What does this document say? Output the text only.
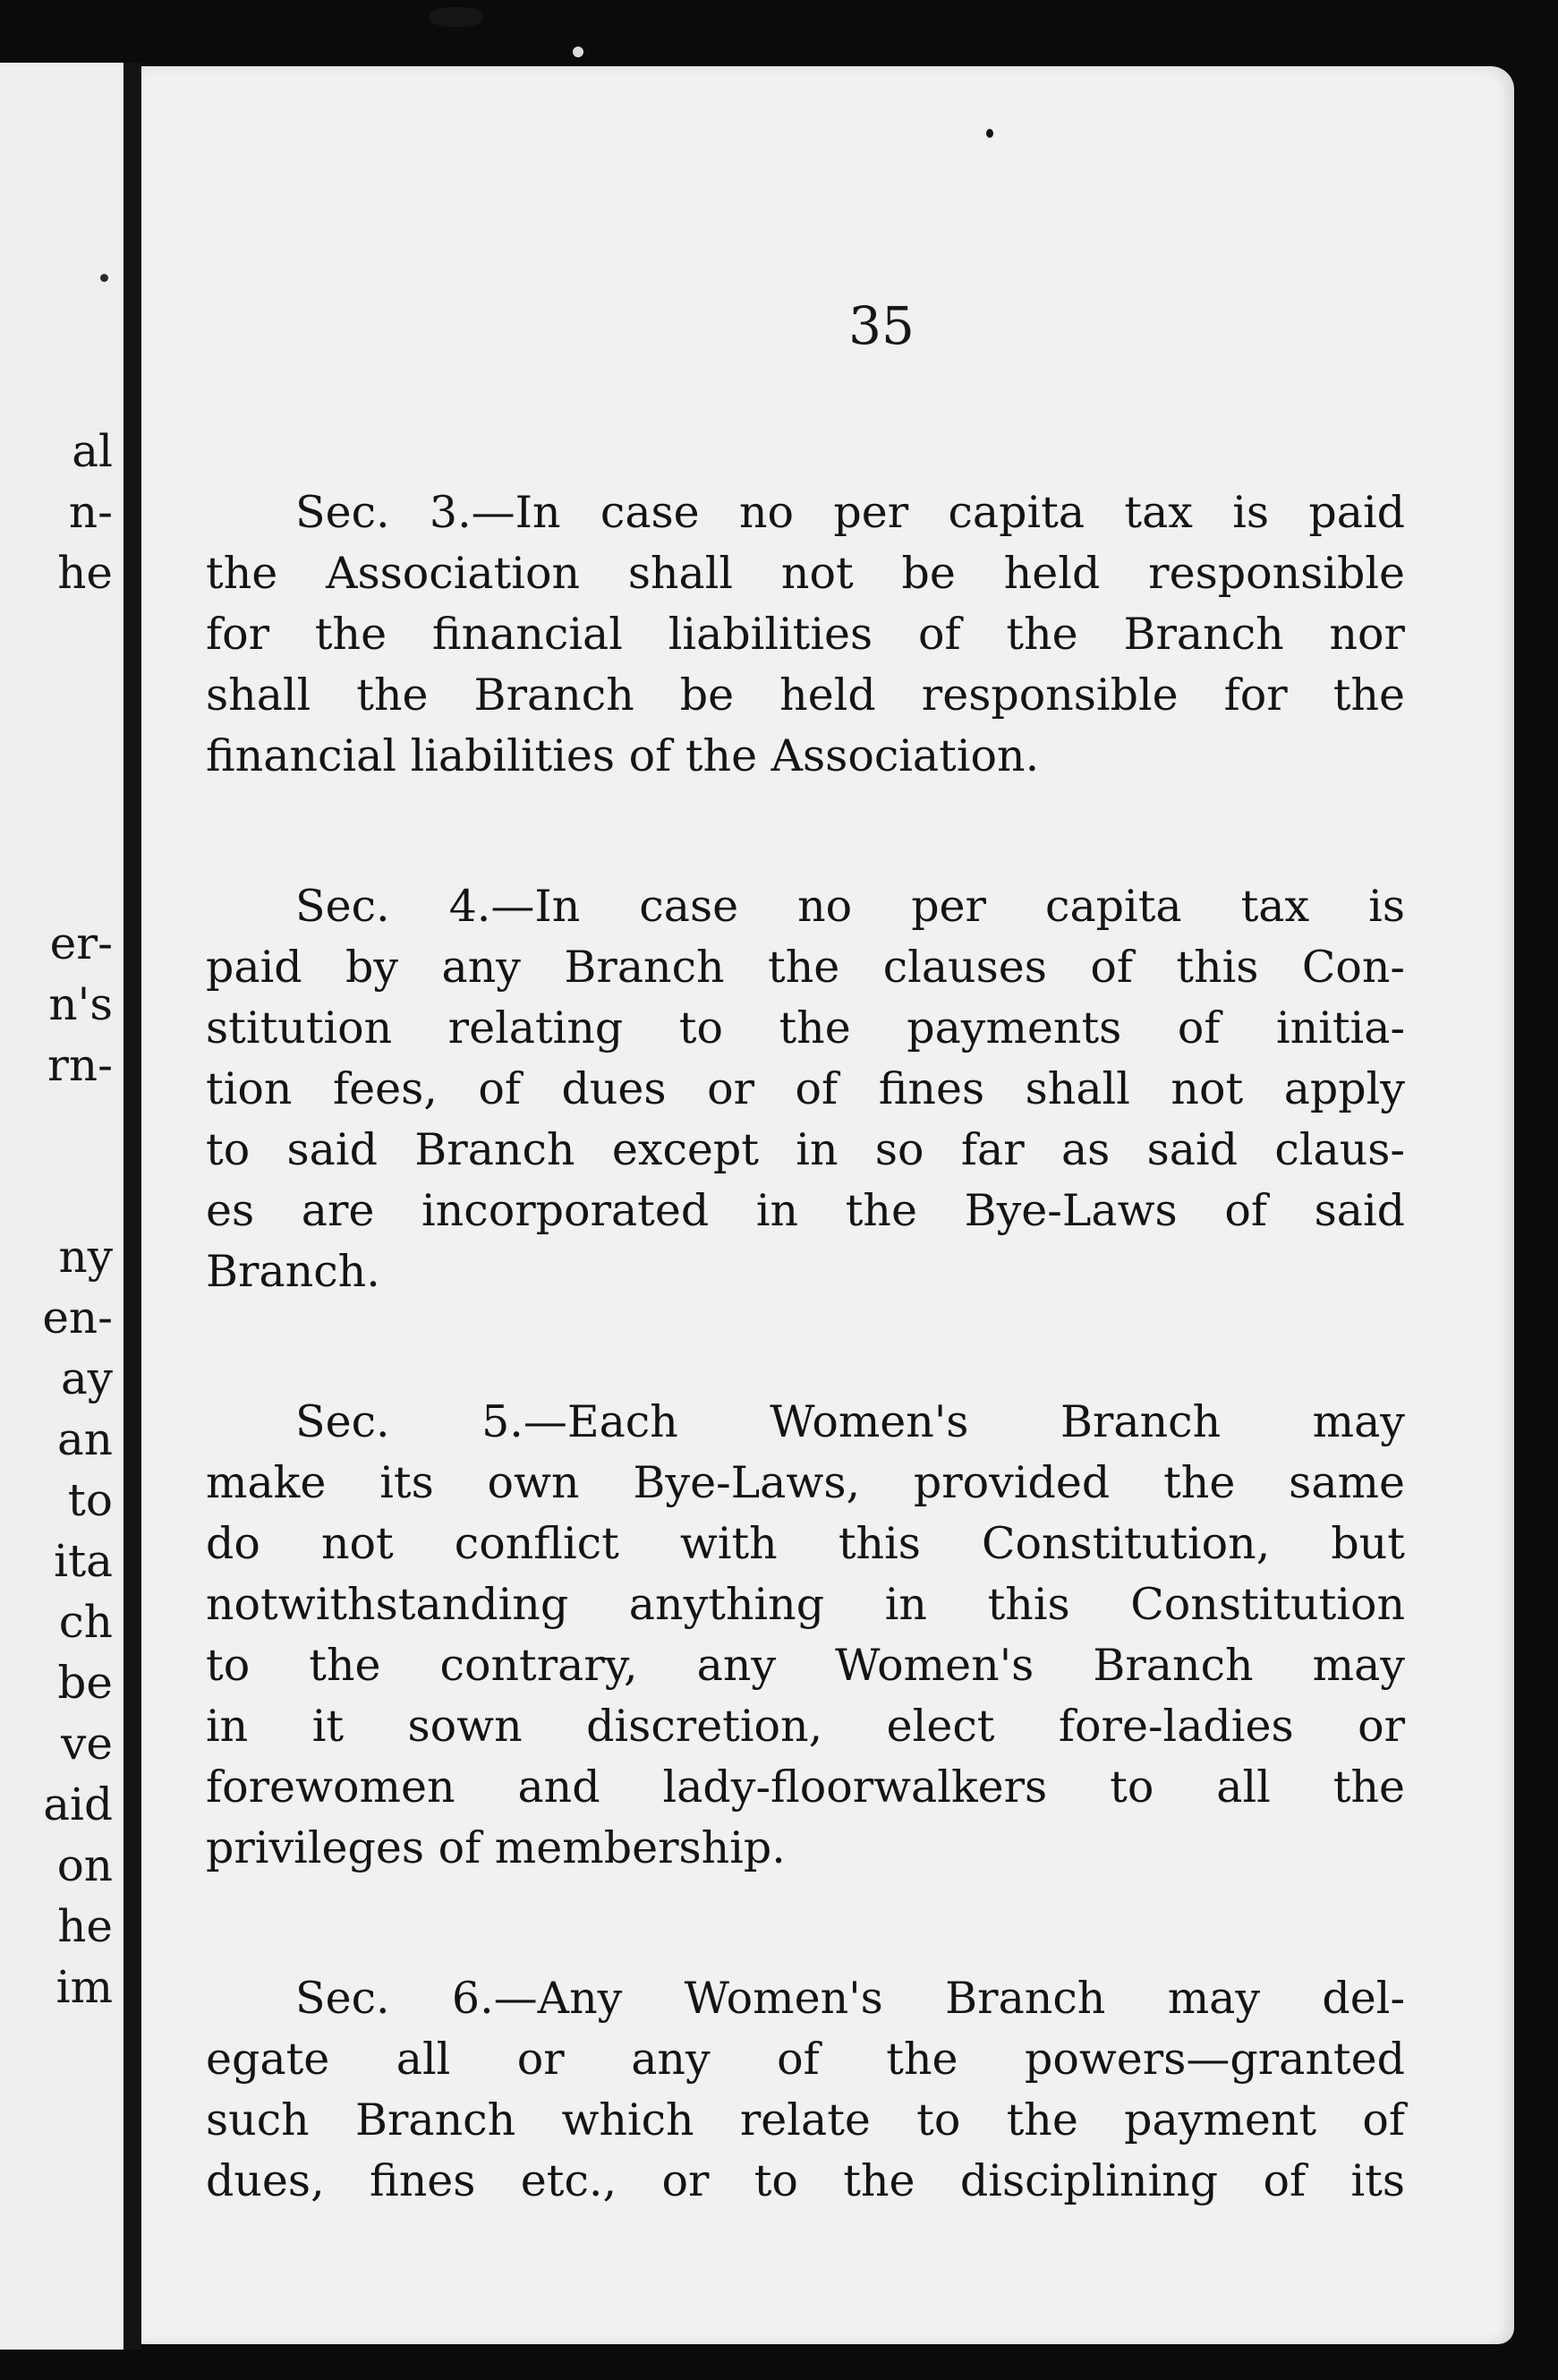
al
n-
he
er-
n's
rn-
ny
en-
ay
an
to
ita
ch
be
ve
aid
on
he
im

35

Sec. 3.—In case no per capita tax is paid
the Association shall not be held responsible
for the financial liabilities of the Branch nor
shall the Branch be held responsible for the
financial liabilities of the Association.
Sec. 4.—In case no per capita tax is
paid by any Branch the clauses of this Con-
stitution relating to the payments of initia-
tion fees, of dues or of fines shall not apply
to said Branch except in so far as said claus-
es are incorporated in the Bye-Laws of said
Branch.
Sec. 5.—Each Women's Branch may
make its own Bye-Laws, provided the same
do not conflict with this Constitution, but
notwithstanding anything in this Constitution
to the contrary, any Women's Branch may
in it sown discretion, elect fore-ladies or
forewomen and lady-floorwalkers to all the
privileges of membership.
Sec. 6.—Any Women's Branch may del-
egate all or any of the powers—granted
such Branch which relate to the payment of
dues, fines etc., or to the disciplining of its
